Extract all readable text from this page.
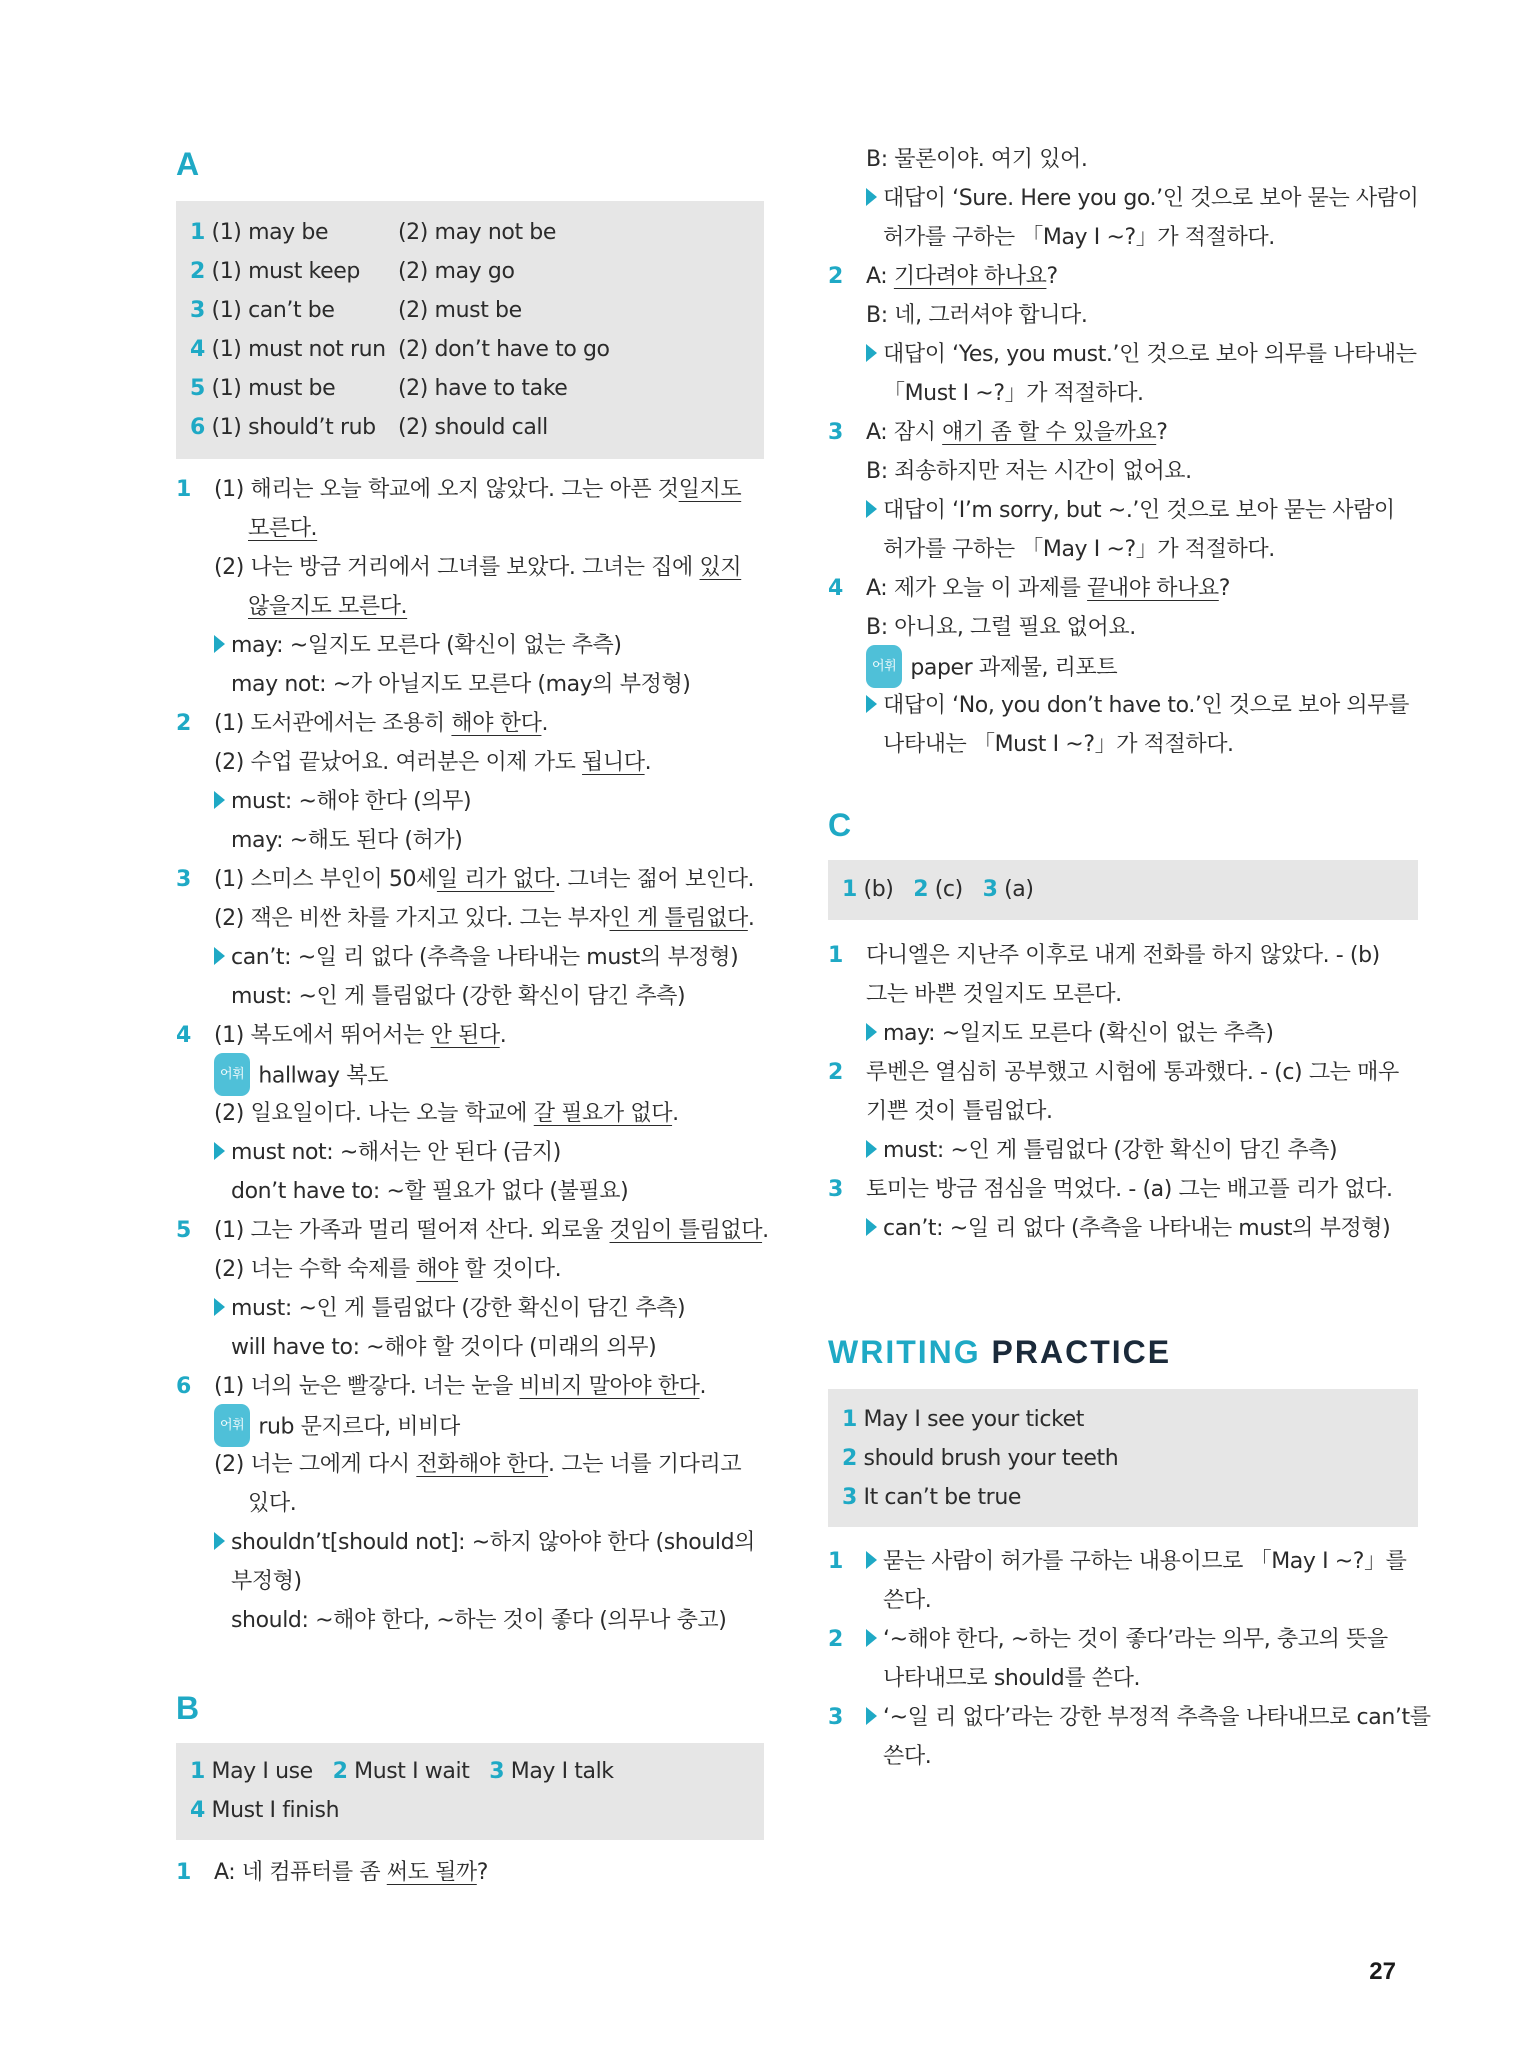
A
1 (1) may be	(2) may not be
2 (1) must keep (2) may go
3 (1) can’t be	(2) must be
4 (1) must not run (2) don’t have to go
5 (1) must be	(2) have to take
6 (1) should’t rub (2) should call
1 (1) 해리는 오늘 학교에 오지 않았다. 그는 아픈 것일지도
모른다.
(2) 나는 방금 거리에서 그녀를 보았다. 그녀는 집에 있지
않을지도 모른다.
may: ~일지도 모른다 (확신이 없는 추측)
may not: ~가 아닐지도 모른다 (may의 부정형)
2 (1) 도서관에서는 조용히 해야 한다.
(2) 수업 끝났어요. 여러분은 이제 가도 됩니다.
must: ~해야 한다 (의무)
may: ~해도 된다 (허가)
3 (1) 스미스 부인이 50세일 리가 없다. 그녀는 젊어 보인다.
(2) 잭은 비싼 차를 가지고 있다. 그는 부자인 게 틀림없다.
can’t: ~일 리 없다 (추측을 나타내는 must의 부정형)
must: ~인 게 틀림없다 (강한 확신이 담긴 추측)
4 (1) 복도에서 뛰어서는 안 된다.
어휘 hallway 복도
(2) 일요일이다. 나는 오늘 학교에 갈 필요가 없다.
must not: ~해서는 안 된다 (금지)
don’t have to: ~할 필요가 없다 (불필요)
5 (1) 그는 가족과 멀리 떨어져 산다. 외로울 것임이 틀림없다.
(2) 너는 수학 숙제를 해야 할 것이다.
must: ~인 게 틀림없다 (강한 확신이 담긴 추측)
will have to: ~해야 할 것이다 (미래의 의무)
6 (1) 너의 눈은 빨갛다. 너는 눈을 비비지 말아야 한다.
어휘 rub 문지르다, 비비다
(2) 너는 그에게 다시 전화해야 한다. 그는 너를 기다리고
있다.
shouldn’t[should not]: ~하지 않아야 한다 (should의
부정형)
should: ~해야 한다, ~하는 것이 좋다 (의무나 충고)
B
1 May I use 2 Must I wait 3 May I talk
4 Must I finish
1 A: 네 컴퓨터를 좀 써도 될까?
B: 물론이야. 여기 있어.
대답이 ‘Sure. Here you go.’인 것으로 보아 묻는 사람이
허가를 구하는 「May I ~?」가 적절하다.
2 A: 기다려야 하나요?
B: 네, 그러셔야 합니다.
대답이 ‘Yes, you must.’인 것으로 보아 의무를 나타내는
「Must I ~?」가 적절하다.
3 A: 잠시 얘기 좀 할 수 있을까요?
B: 죄송하지만 저는 시간이 없어요.
대답이 ‘I’m sorry, but ~.’인 것으로 보아 묻는 사람이
허가를 구하는 「May I ~?」가 적절하다.
4 A: 제가 오늘 이 과제를 끝내야 하나요?
B: 아니요, 그럴 필요 없어요.
어휘 paper 과제물, 리포트
대답이 ‘No, you don’t have to.’인 것으로 보아 의무를
나타내는 「Must I ~?」가 적절하다.
C
1 (b) 2 (c) 3 (a)
1 다니엘은 지난주 이후로 내게 전화를 하지 않았다. - (b)
그는 바쁜 것일지도 모른다.
may: ~일지도 모른다 (확신이 없는 추측)
2 루벤은 열심히 공부했고 시험에 통과했다. - (c) 그는 매우
기쁜 것이 틀림없다.
must: ~인 게 틀림없다 (강한 확신이 담긴 추측)
3 토미는 방금 점심을 먹었다. - (a) 그는 배고플 리가 없다.
can’t: ~일 리 없다 (추측을 나타내는 must의 부정형)
WRITING PRACTICE
1 May I see your ticket
2 should brush your teeth
3 It can’t be true
1	묻는 사람이 허가를 구하는 내용이므로 「May I ~?」를
쓴다.
2	‘~해야 한다, ~하는 것이 좋다’라는 의무, 충고의 뜻을
나타내므로 should를 쓴다.
3	‘~일 리 없다’라는 강한 부정적 추측을 나타내므로 can’t를
쓴다.
27
